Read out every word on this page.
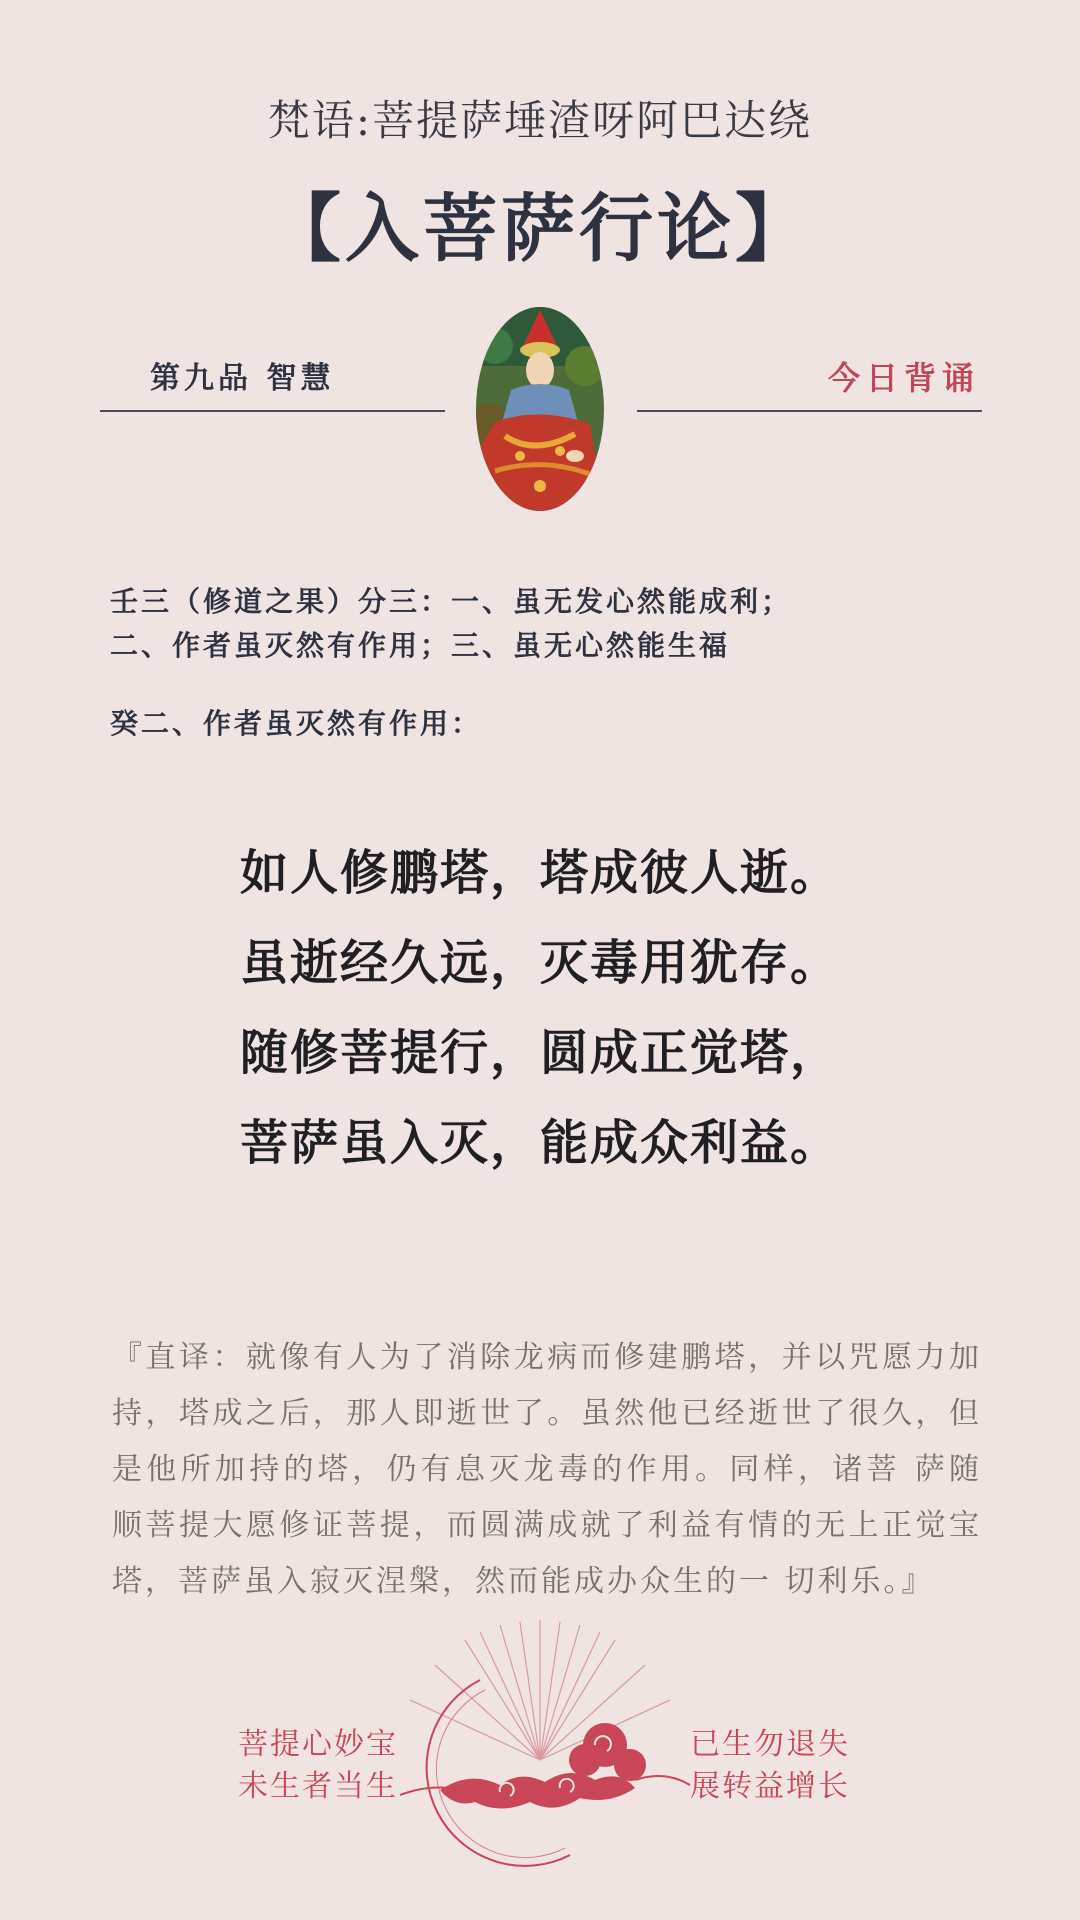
梵语:菩提萨埵渣呀阿巴达绕
【入菩萨行论】
第九品 智慧	今日背诵
壬三（修道之果）分三：一、虽无发心然能成利；
二、作者虽灭然有作用；三、虽无心然能生福
癸二、作者虽灭然有作用：
如人修鹏塔，塔成彼人逝。
虽逝经久远，灭毒用犹存。
随修菩提行，圆成正觉塔，
菩萨虽入灭，能成众利益。
『直译：就像有人为了消除龙病而修建鹏塔，并以咒愿力加持，塔成之后，那人即逝世了。虽然他已经逝世了很久，但是他所加持的塔，仍有息灭龙毒的作用。同样，诸菩 萨随顺菩提大愿修证菩提，而圆满成就了利益有情的无上正觉宝塔，菩萨虽入寂灭涅槃，然而能成办众生的一 切利乐。』
菩提心妙宝
未生者当生
已生勿退失
展转益增长
